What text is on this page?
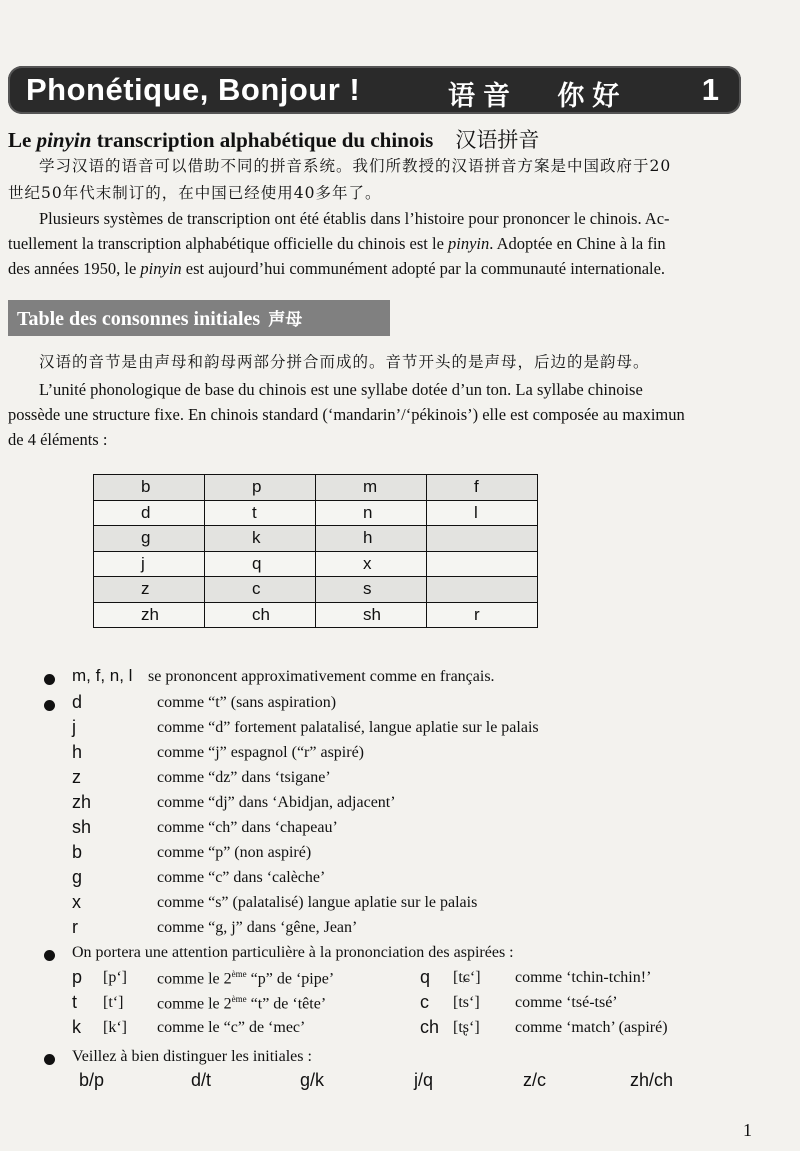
Phonétique, Bonjour !	语音 你好 1
Le pinyin transcription alphabétique du chinois 汉语拼音
学习汉语的语音可以借助不同的拼音系统。我们所教授的汉语拼音方案是中国政府于20
世纪50年代末制订的，在中国已经使用40多年了。
Plusieurs systèmes de transcription ont été établis dans l’histoire pour prononcer le chinois. Ac-
tuellement la transcription alphabétique officielle du chinois est le pinyin. Adoptée en Chine à la fin
des années 1950, le pinyin est aujourd’hui communément adopté par la communauté internationale.
Table des consonnes initiales 声母
汉语的音节是由声母和韵母两部分拼合而成的。音节开头的是声母，后边的是韵母。
L’unité phonologique de base du chinois est une syllabe dotée d’un ton. La syllabe chinoise
possède une structure fixe. En chinois standard (‘mandarin’/‘pékinois’) elle est composée au maximun
de 4 éléments :
b	p	m	f
d	t	n	l
g	k	h	
j	q	x	
z	c	s	
zh	ch	sh	r
m, f, n, l se prononcent approximativement comme en français.
d	comme “t” (sans aspiration)
j	comme “d” fortement palatalisé, langue aplatie sur le palais
h	comme “j” espagnol (“r” aspiré)
z	comme “dz” dans ‘tsigane’
zh	comme “dj” dans ‘Abidjan, adjacent’
sh	comme “ch” dans ‘chapeau’
b	comme “p” (non aspiré)
g	comme “c” dans ‘calèche’
x	comme “s” (palatalisé) langue aplatie sur le palais
r	comme “g, j” dans ‘gêne, Jean’
On portera une attention particulière à la prononciation des aspirées :
p [pʻ] comme le 2ème “p” de ‘pipe’	q [tɕʻ] comme ‘tchin-tchin!’
t [tʻ] comme le 2ème “t” de ‘tête’	c [tsʻ] comme ‘tsé-tsé’
k [kʻ] comme le “c” de ‘mec’	ch [tʂʻ] comme ‘match’ (aspiré)
Veillez à bien distinguer les initiales :
b/p	d/t	g/k	j/q	z/c	zh/ch
1
